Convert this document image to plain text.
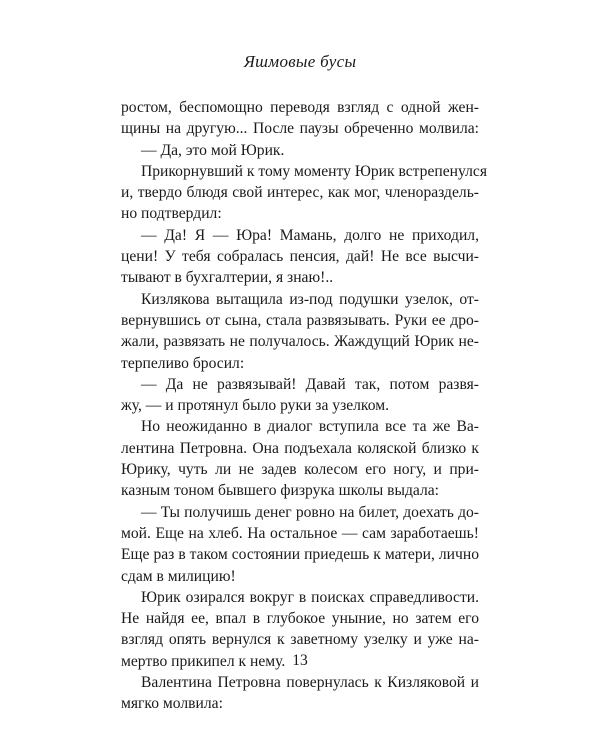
Яшмовые бусы
ростом, беспомощно переводя взгляд с одной жен-
щины на другую... После паузы обреченно молвила:
— Да, это мой Юрик.
Прикорнувший к тому моменту Юрик встрепенулся
и, твердо блюдя свой интерес, как мог, членораздель-
но подтвердил:
— Да! Я — Юра! Мамань, долго не приходил,
цени! У тебя собралась пенсия, дай! Не все высчи-
тывают в бухгалтерии, я знаю!..
Кизлякова вытащила из-под подушки узелок, от-
вернувшись от сына, стала развязывать. Руки ее дро-
жали, развязать не получалось. Жаждущий Юрик не-
терпеливо бросил:
— Да не развязывай! Давай так, потом развя-
жу, — и протянул было руки за узелком.
Но неожиданно в диалог вступила все та же Ва-
лентина Петровна. Она подъехала коляской близко к
Юрику, чуть ли не задев колесом его ногу, и при-
казным тоном бывшего физрука школы выдала:
— Ты получишь денег ровно на билет, доехать до-
мой. Еще на хлеб. На остальное — сам заработаешь!
Еще раз в таком состоянии приедешь к матери, лично
сдам в милицию!
Юрик озирался вокруг в поисках справедливости.
Не найдя ее, впал в глубокое уныние, но затем его
взгляд опять вернулся к заветному узелку и уже на-
мертво прикипел к нему.
Валентина Петровна повернулась к Кизляковой и
мягко молвила:
13
